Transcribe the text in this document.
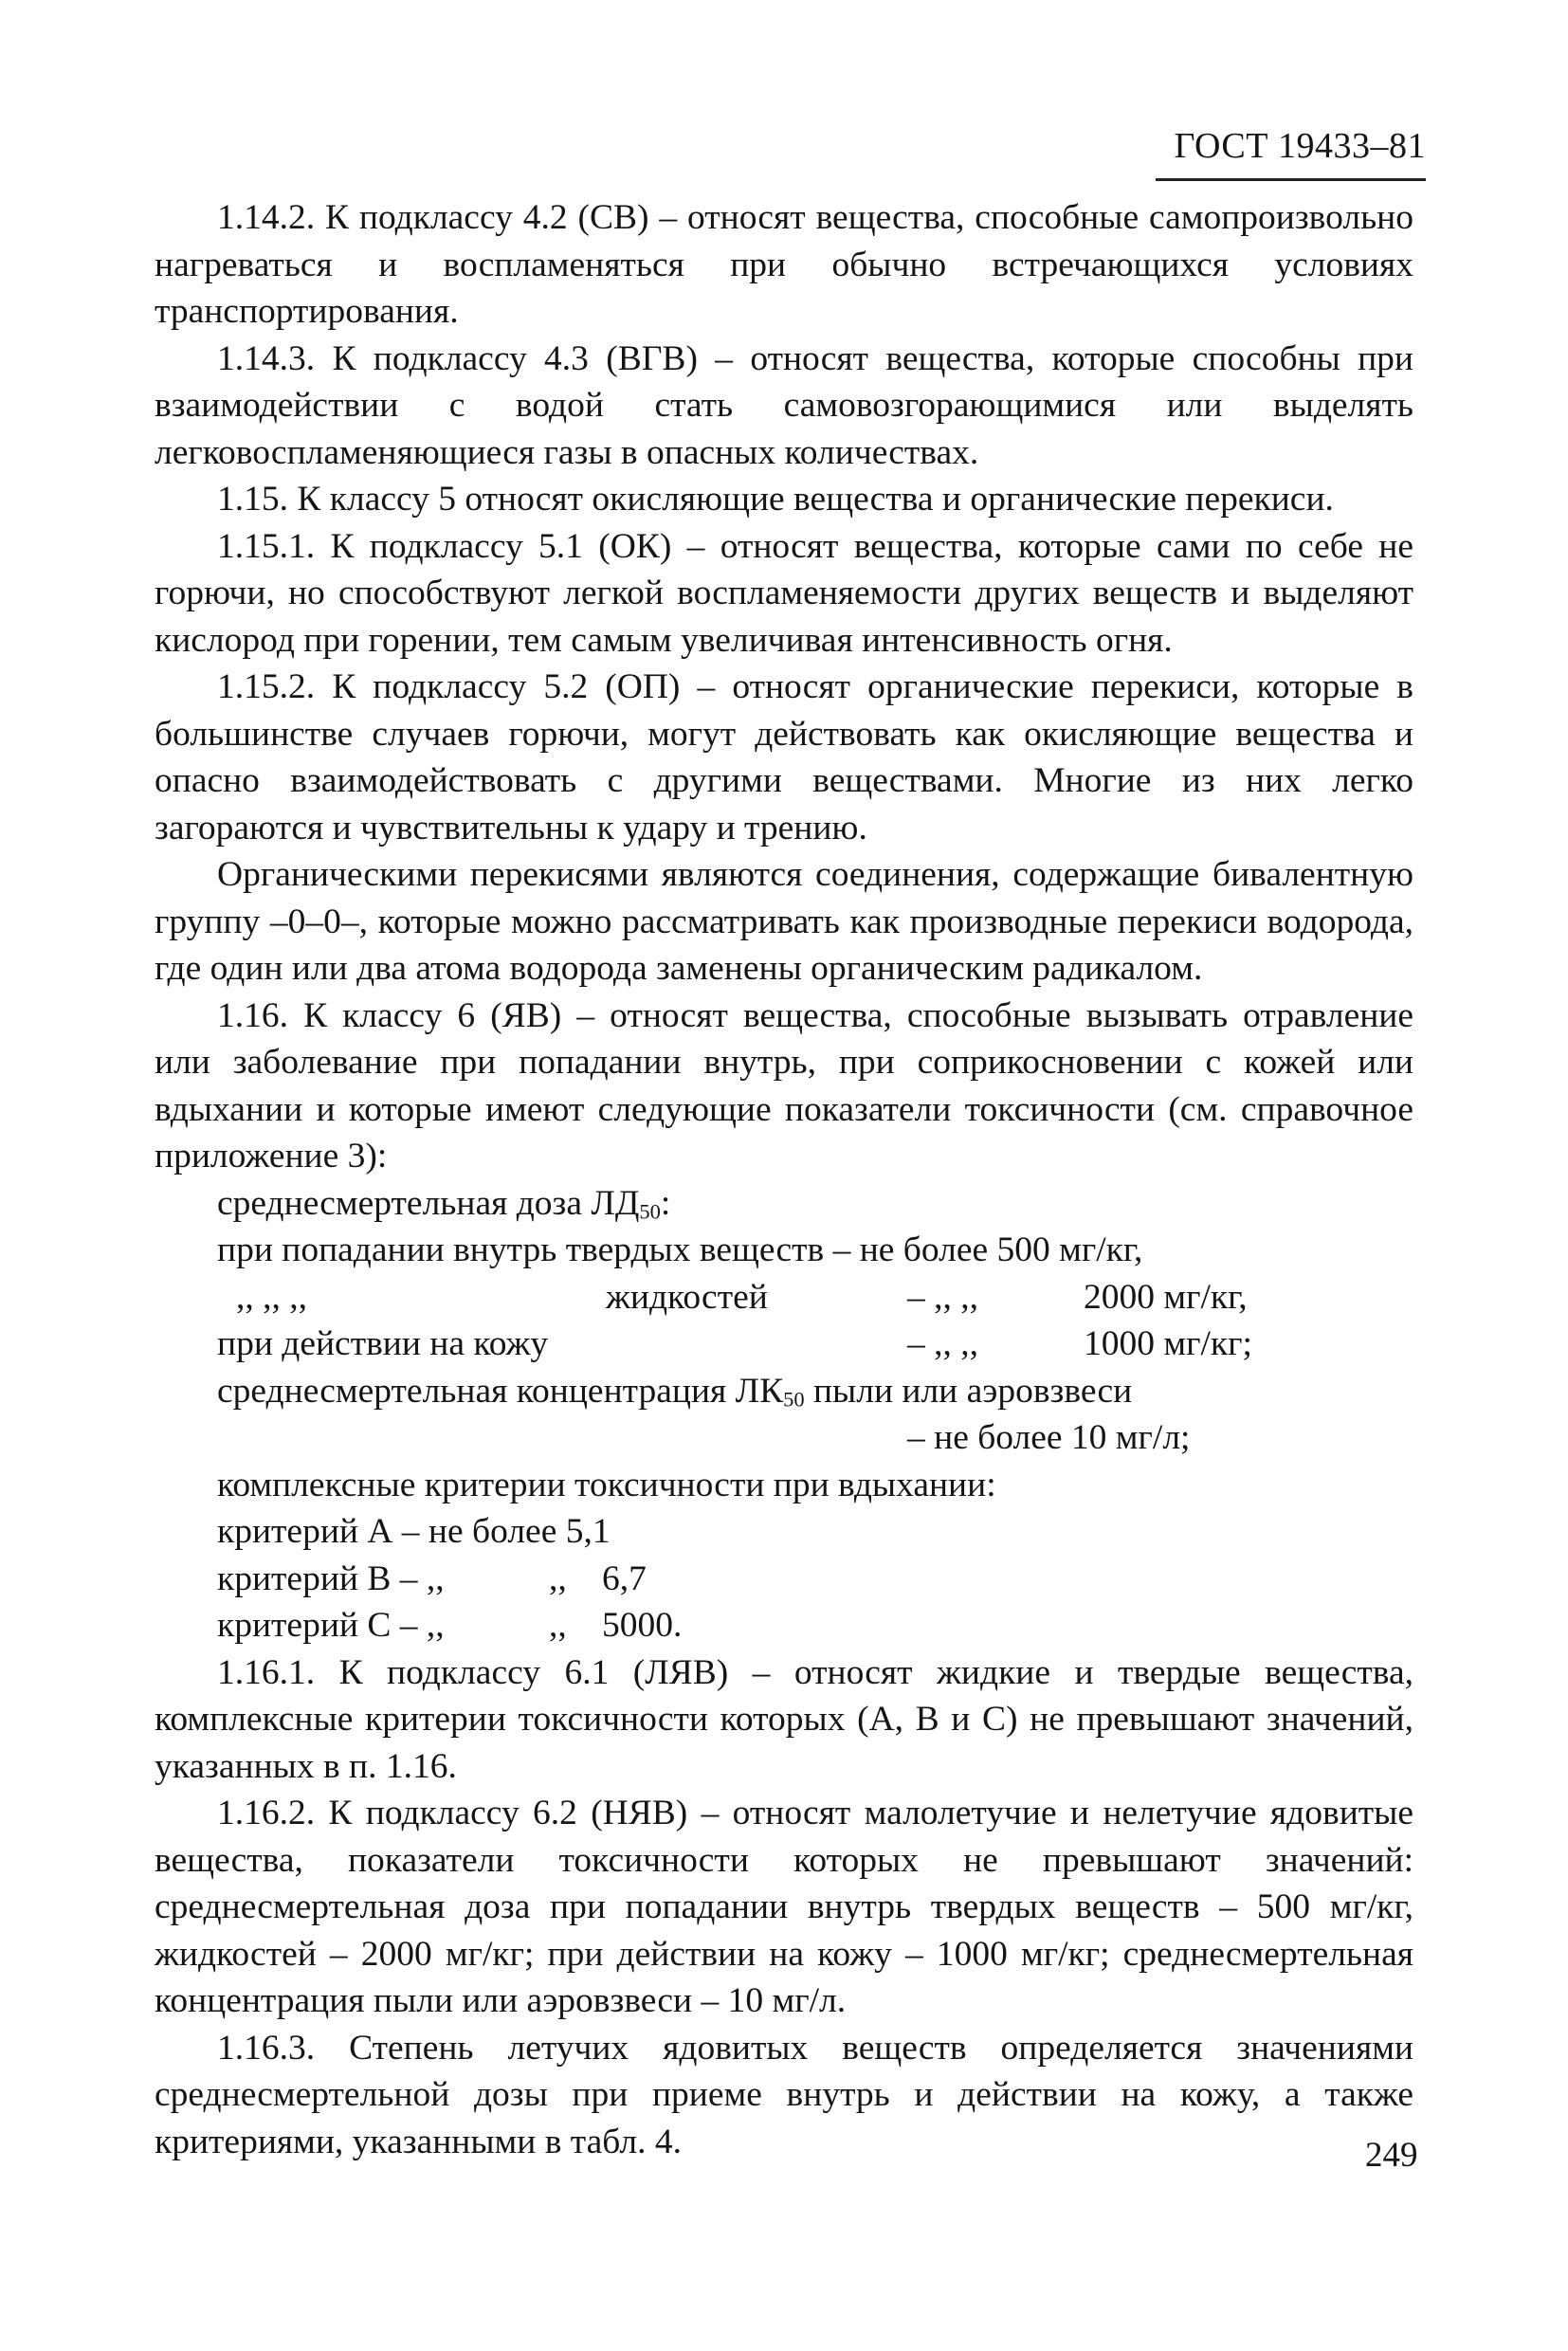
ГОСТ 19433–81

1.14.2. К подклассу 4.2 (СВ) – относят вещества, способные самопроизвольно нагреваться и воспламеняться при обычно встречающихся условиях транспортирования.

1.14.3. К подклассу 4.3 (ВГВ) – относят вещества, которые способны при взаимодействии с водой стать самовозгорающимися или выделять легковоспламеняющиеся газы в опасных количествах.

1.15. К классу 5 относят окисляющие вещества и органические перекиси.

1.15.1. К подклассу 5.1 (ОК) – относят вещества, которые сами по себе не горючи, но способствуют легкой воспламеняемости других веществ и выделяют кислород при горении, тем самым увеличивая интенсивность огня.

1.15.2. К подклассу 5.2 (ОП) – относят органические перекиси, которые в большинстве случаев горючи, могут действовать как окисляющие вещества и опасно взаимодействовать с другими веществами. Многие из них легко загораются и чувствительны к удару и трению.

Органическими перекисями являются соединения, содержащие бивалентную группу –0–0–, которые можно рассматривать как производные перекиси водорода, где один или два атома водорода заменены органическим радикалом.

1.16. К классу 6 (ЯВ) – относят вещества, способные вызывать отравление или заболевание при попадании внутрь, при соприкосновении с кожей или вдыхании и которые имеют следующие показатели токсичности (см. справочное приложение 3):

среднесмертельная доза $ЛД_{50}$:
при попадании внутрь твердых веществ – не более 500 мг/кг,
,, ,, ,,	жидкостей	– ,, ,,	2000 мг/кг,
при действии на кожу	– ,, ,,	1000 мг/кг;
среднесмертельная концентрация $ЛК_{50}$ пыли или аэровзвеси
– не более 10 мг/л;
комплексные критерии токсичности при вдыхании:
критерий А – не более 5,1
критерий В – ,,	,, 6,7
критерий С – ,,	,, 5000.

1.16.1. К подклассу 6.1 (ЛЯВ) – относят жидкие и твердые вещества, комплексные критерии токсичности которых (А, В и С) не превышают значений, указанных в п. 1.16.

1.16.2. К подклассу 6.2 (НЯВ) – относят малолетучие и нелетучие ядовитые вещества, показатели токсичности которых не превышают значений: среднесмертельная доза при попадании внутрь твердых веществ – 500 мг/кг, жидкостей – 2000 мг/кг; при действии на кожу – 1000 мг/кг; среднесмертельная концентрация пыли или аэровзвеси – 10 мг/л.

1.16.3. Степень летучих ядовитых веществ определяется значениями среднесмертельной дозы при приеме внутрь и действии на кожу, а также критериями, указанными в табл. 4.	249
